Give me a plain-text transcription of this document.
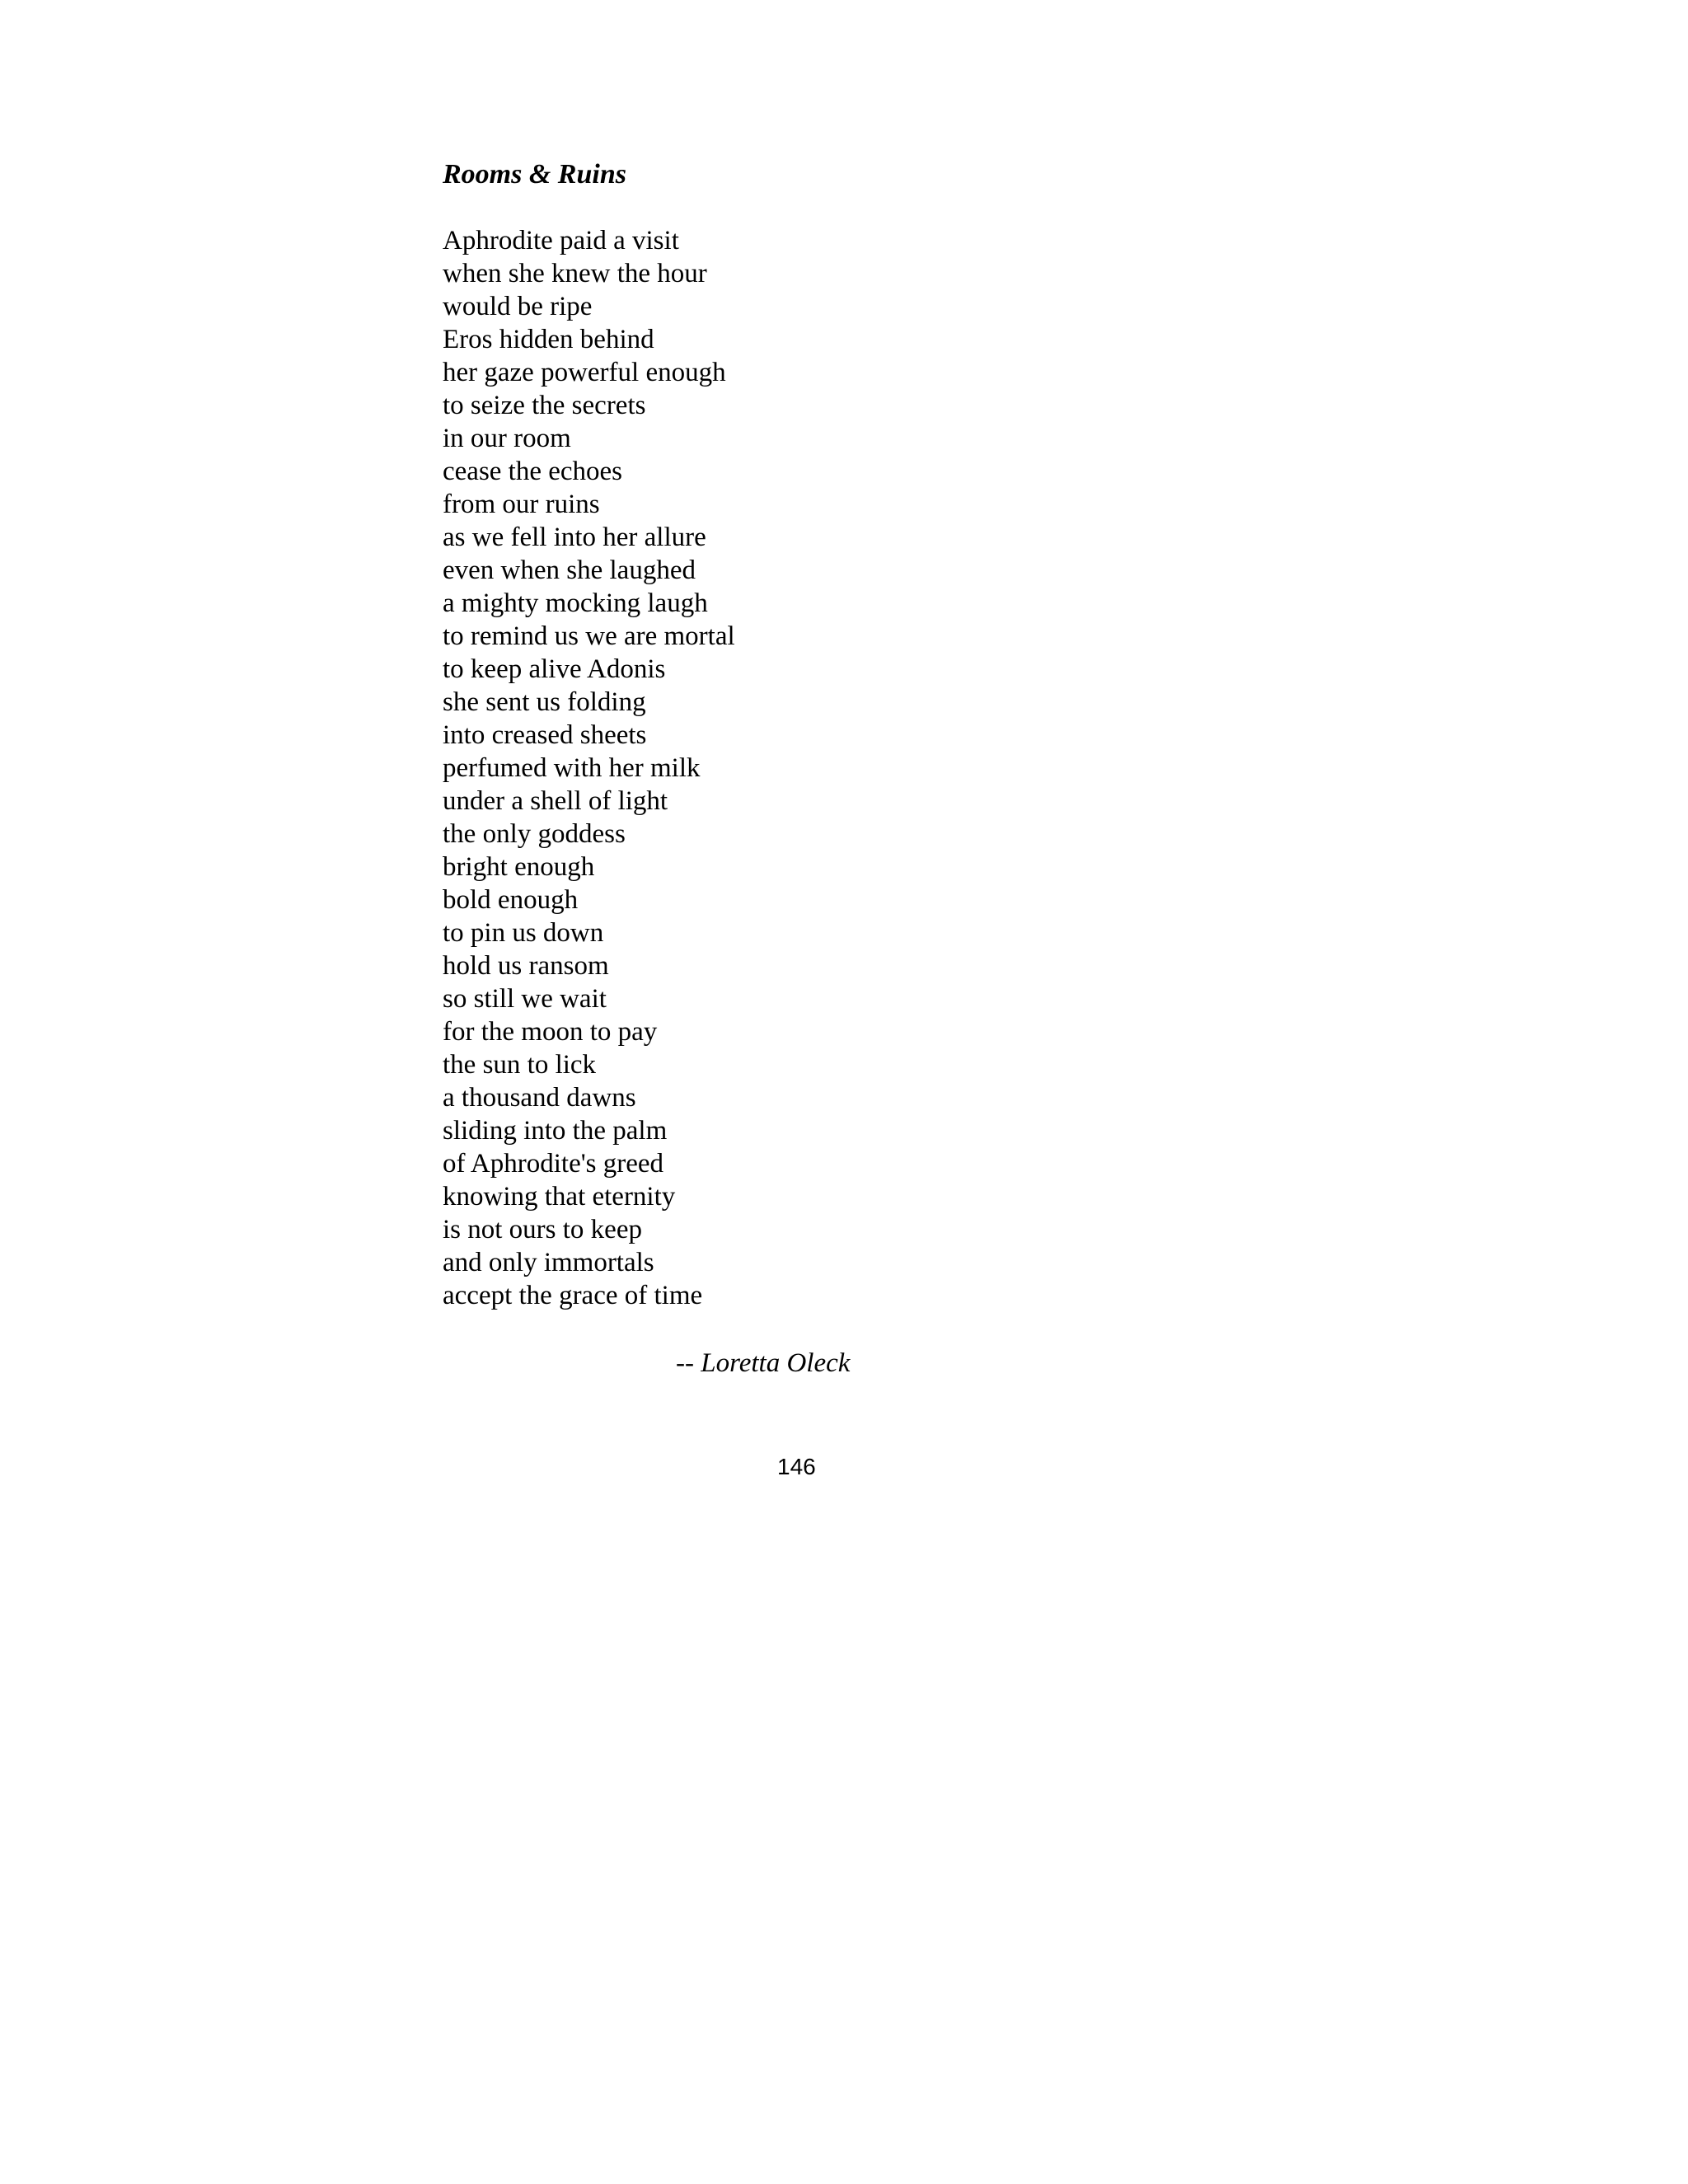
Rooms & Ruins
Aphrodite paid a visit
when she knew the hour
would be ripe
Eros hidden behind
her gaze powerful enough
to seize the secrets
in our room
cease the echoes
from our ruins
as we fell into her allure
even when she laughed
a mighty mocking laugh
to remind us we are mortal
to keep alive Adonis
she sent us folding
into creased sheets
perfumed with her milk
under a shell of light
the only goddess
bright enough
bold enough
to pin us down
hold us ransom
so still we wait
for the moon to pay
the sun to lick
a thousand dawns
sliding into the palm
of Aphrodite's greed
knowing that eternity
is not ours to keep
and only immortals
accept the grace of time

-- Loretta Oleck

146
